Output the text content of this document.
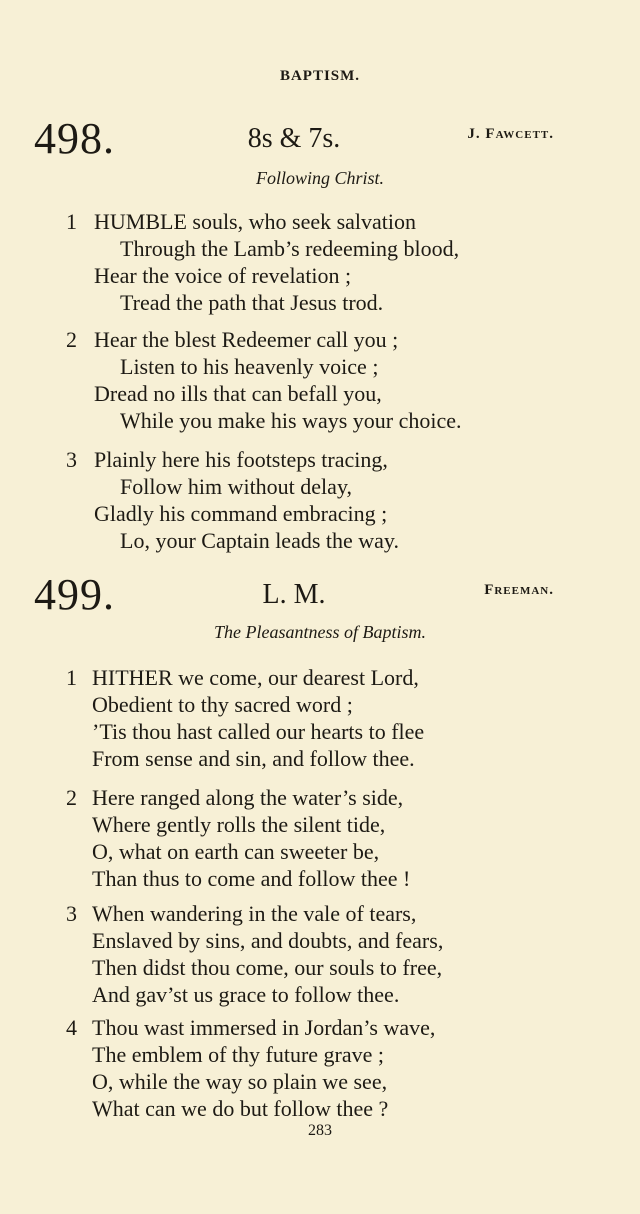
BAPTISM.
498.	8s & 7s.	J. Fawcett.
Following Christ.
1 HUMBLE souls, who seek salvation
Through the Lamb’s redeeming blood,
Hear the voice of revelation ;
Tread the path that Jesus trod.
2 Hear the blest Redeemer call you ;
Listen to his heavenly voice ;
Dread no ills that can befall you,
While you make his ways your choice.
3 Plainly here his footsteps tracing,
Follow him without delay,
Gladly his command embracing ;
Lo, your Captain leads the way.
499.	L. M.	Freeman.
The Pleasantness of Baptism.
1 HITHER we come, our dearest Lord,
Obedient to thy sacred word ;
’Tis thou hast called our hearts to flee
From sense and sin, and follow thee.
2 Here ranged along the water’s side,
Where gently rolls the silent tide,
O, what on earth can sweeter be,
Than thus to come and follow thee !
3 When wandering in the vale of tears,
Enslaved by sins, and doubts, and fears,
Then didst thou come, our souls to free,
And gav’st us grace to follow thee.
4 Thou wast immersed in Jordan’s wave,
The emblem of thy future grave ;
O, while the way so plain we see,
What can we do but follow thee ?
283
